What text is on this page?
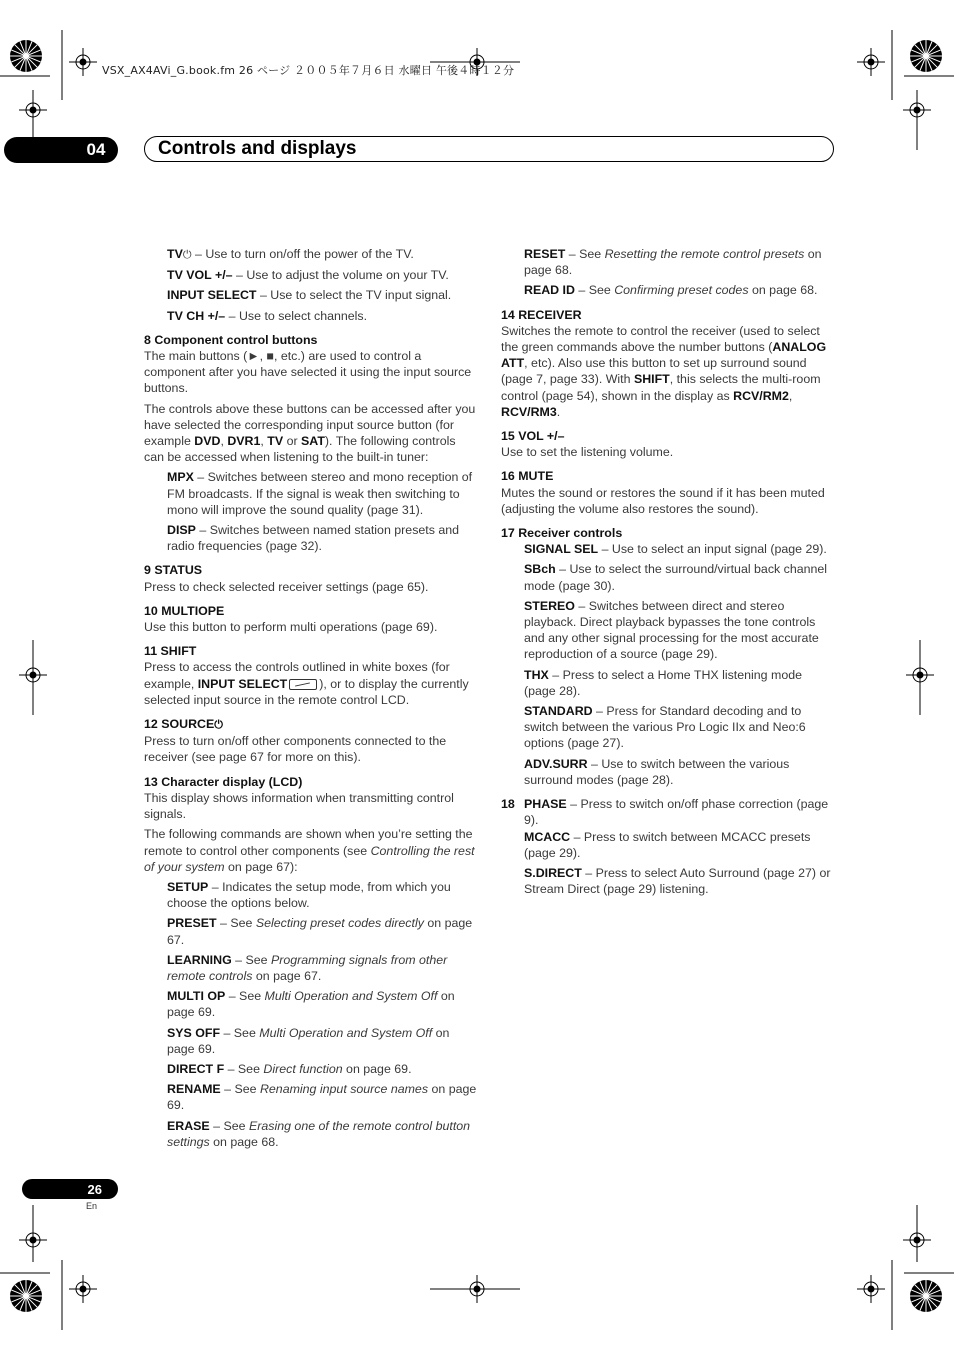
VSX_AX4AVi_G.book.fm 26 ページ ２００５年７月６日 水曜日 午後４時１２分
04	Controls and displays

TV⏻ – Use to turn on/off the power of the TV.

TV VOL +/– – Use to adjust the volume on your TV.

INPUT SELECT – Use to select the TV input signal.

TV CH +/– – Use to select channels.

8 Component control buttons

The main buttons (►, ■, etc.) are used to control a component after you have selected it using the input source buttons.

The controls above these buttons can be accessed after you have selected the corresponding input source button (for example DVD, DVR1, TV or SAT). The following controls can be accessed when listening to the built-in tuner:

MPX – Switches between stereo and mono reception of FM broadcasts. If the signal is weak then switching to mono will improve the sound quality (page 31).

DISP – Switches between named station presets and radio frequencies (page 32).

9 STATUS

Press to check selected receiver settings (page 65).

10 MULTIOPE

Use this button to perform multi operations (page 69).

11 SHIFT

Press to access the controls outlined in white boxes (for example, INPUT SELECT	), or to display the currently selected input source in the remote control LCD.

12 SOURCE⏻

Press to turn on/off other components connected to the receiver (see page 67 for more on this).

13 Character display (LCD)

This display shows information when transmitting control signals.

The following commands are shown when you’re setting the remote to control other components (see Controlling the rest of your system on page 67):

SETUP – Indicates the setup mode, from which you choose the options below.

PRESET – See Selecting preset codes directly on page 67.

LEARNING – See Programming signals from other remote controls on page 67.

MULTI OP – See Multi Operation and System Off on page 69.

SYS OFF – See Multi Operation and System Off on page 69.

DIRECT F – See Direct function on page 69.

RENAME – See Renaming input source names on page 69.

ERASE – See Erasing one of the remote control button settings on page 68.

RESET – See Resetting the remote control presets on page 68.

READ ID – See Confirming preset codes on page 68.

14 RECEIVER

Switches the remote to control the receiver (used to select the green commands above the number buttons (ANALOG ATT, etc). Also use this button to set up surround sound (page 7, page 33). With SHIFT, this selects the multi-room control (page 54), shown in the display as RCV/RM2, RCV/RM3.

15 VOL +/–

Use to set the listening volume.

16 MUTE

Mutes the sound or restores the sound if it has been muted (adjusting the volume also restores the sound).

17 Receiver controls

SIGNAL SEL – Use to select an input signal (page 29).

SBch – Use to select the surround/virtual back channel mode (page 30).

STEREO – Switches between direct and stereo playback. Direct playback bypasses the tone controls and any other signal processing for the most accurate reproduction of a source (page 29).

THX – Press to select a Home THX listening mode (page 28).

STANDARD – Press for Standard decoding and to switch between the various Pro Logic IIx and Neo:6 options (page 27).

ADV.SURR – Use to switch between the various surround modes (page 28).

18 PHASE – Press to switch on/off phase correction (page 9).

MCACC – Press to switch between MCACC presets (page 29).

S.DIRECT – Press to select Auto Surround (page 27) or Stream Direct (page 29) listening.

26
En
